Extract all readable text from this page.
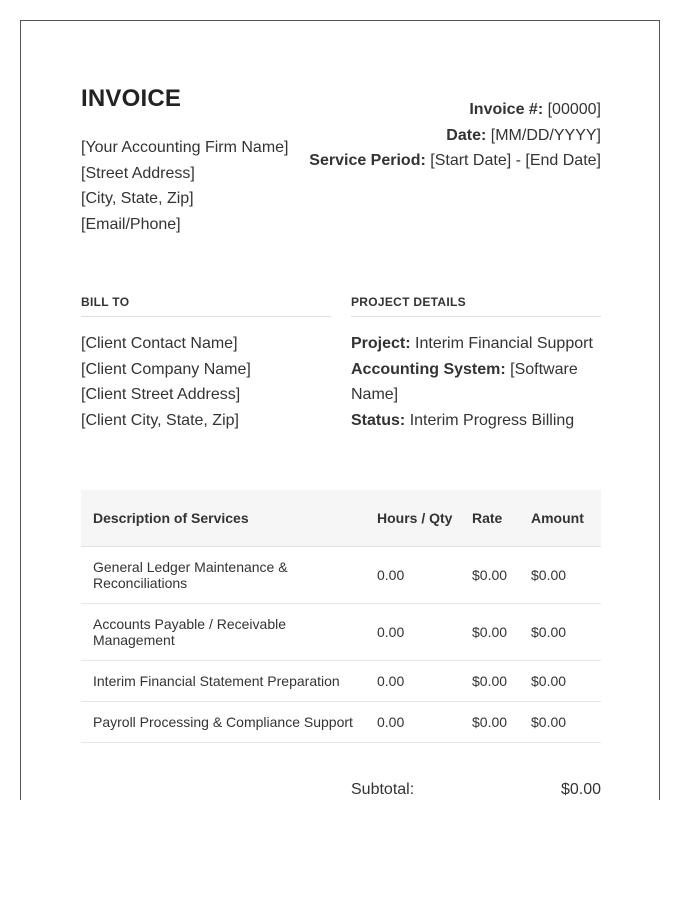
INVOICE
[Your Accounting Firm Name]
[Street Address]
[City, State, Zip]
[Email/Phone]
Invoice #: [00000]
Date: [MM/DD/YYYY]
Service Period: [Start Date] - [End Date]
BILL TO	PROJECT DETAILS
[Client Contact Name]
[Client Company Name]
[Client Street Address]
[Client City, State, Zip]
Project: Interim Financial Support
Accounting System: [Software Name]
Status: Interim Progress Billing
Description of Services	Hours / Qty	Rate	Amount
General Ledger Maintenance & Reconciliations	0.00	$0.00	$0.00
Accounts Payable / Receivable Management	0.00	$0.00	$0.00
Interim Financial Statement Preparation	0.00	$0.00	$0.00
Payroll Processing & Compliance Support	0.00	$0.00	$0.00
Subtotal:	$0.00
